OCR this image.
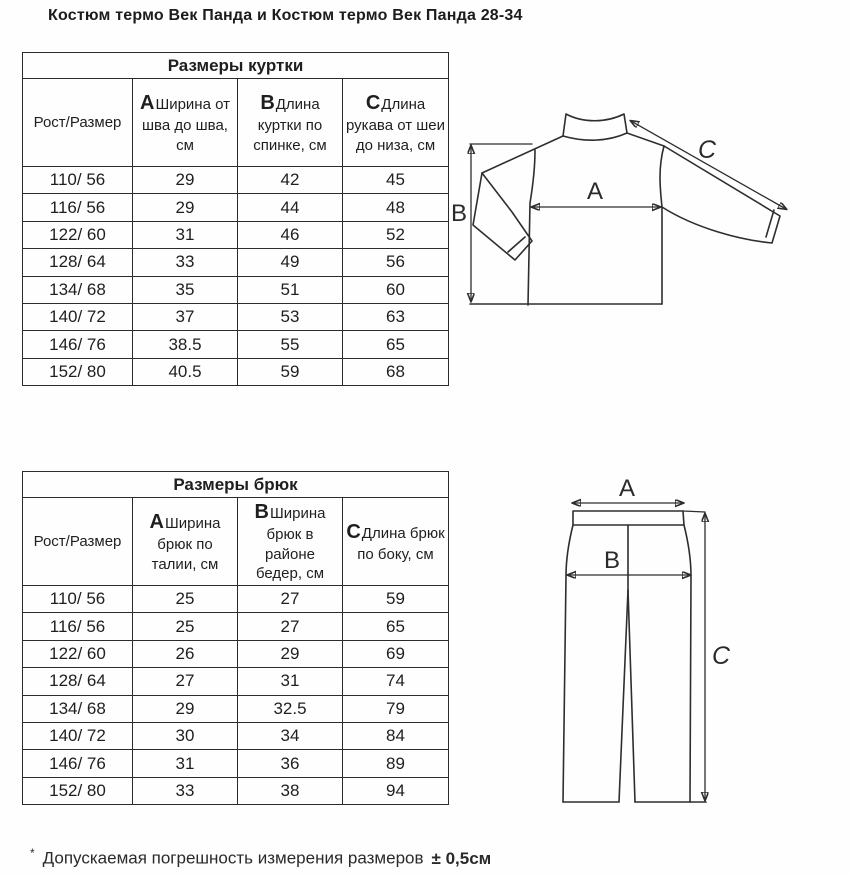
Костюм термо Век Панда и Костюм термо Век Панда 28-34
Размеры куртки			
Рост/Размер	AШирина от шва до шва, см	BДлина куртки по спинке, см	CДлина рукава от шеи до низа, см
110/ 56	29	42	45
116/ 56	29	44	48
122/ 60	31	46	52
128/ 64	33	49	56
134/ 68	35	51	60
140/ 72	37	53	63
146/ 76	38.5	55	65
152/ 80	40.5	59	68
Размеры брюк			
Рост/Размер	AШирина брюк по талии, см	BШирина брюк в районе бедер, см	CДлина брюк по боку, см
110/ 56	25	27	59
116/ 56	25	27	65
122/ 60	26	29	69
128/ 64	27	31	74
134/ 68	29	32.5	79
140/ 72	30	34	84
146/ 76	31	36	89
152/ 80	33	38	94
A
B
C
A
B
C
* Допускаемая погрешность измерения размеров ± 0,5см
